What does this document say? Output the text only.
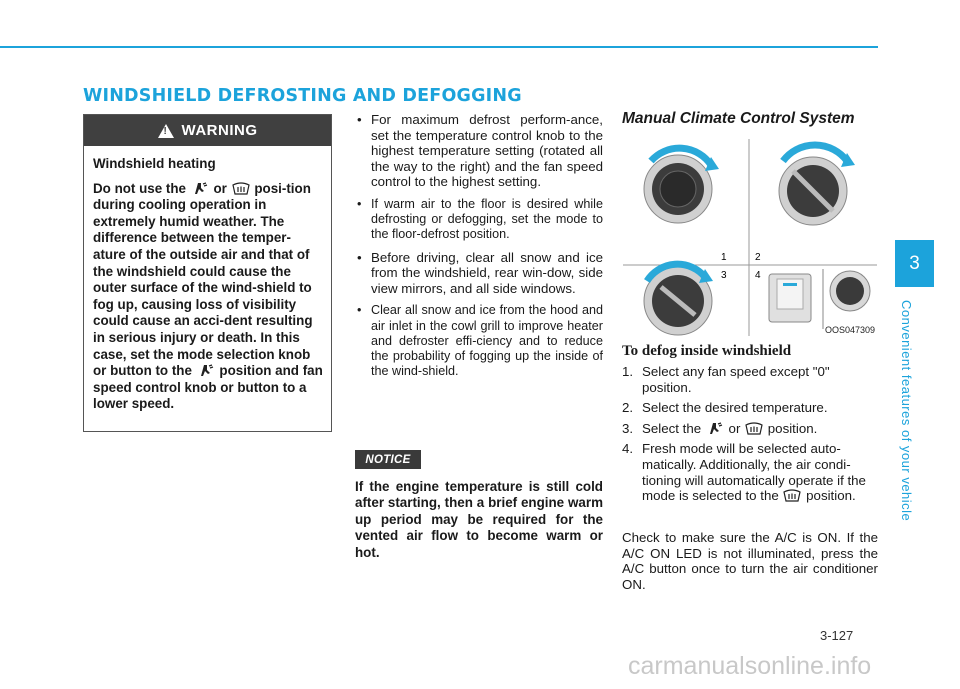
WINDSHIELD DEFROSTING AND DEFOGGING
!
WARNING
Windshield heating

Do not use the or posi-tion during cooling operation in extremely humid weather. The difference between the temper-ature of the outside air and that of the windshield could cause the outer surface of the wind-shield to fog up, causing loss of visibility could cause an acci-dent resulting in serious injury or death. In this case, set the mode selection knob or button to the position and fan speed control knob or button to a lower speed.

• For maximum defrost perform-ance, set the temperature control knob to the highest temperature setting (rotated all the way to the right) and the fan speed control to the highest setting.
• If warm air to the floor is desired while defrosting or defogging, set the mode to the floor-defrost position.
• Before driving, clear all snow and ice from the windshield, rear win-dow, side view mirrors, and all side windows.
• Clear all snow and ice from the hood and air inlet in the cowl grill to improve heater and defroster effi-ciency and to reduce the probability of fogging up the inside of the wind-shield.
NOTICE
If the engine temperature is still cold after starting, then a brief engine warm up period may be required for the vented air flow to become warm or hot.
Manual Climate Control System
1	2
3	4
OOS047309
To defog inside windshield
1. Select any fan speed except "0" position.
2. Select the desired temperature.
3. Select the or position.
4. Fresh mode will be selected auto-matically. Additionally, the air condi-tioning will automatically operate if the mode is selected to the position.
Check to make sure the A/C is ON. If the A/C ON LED is not illuminated, press the A/C button once to turn the air conditioner ON.
3
Convenient features of your vehicle
3-127
carmanualsonline.info
